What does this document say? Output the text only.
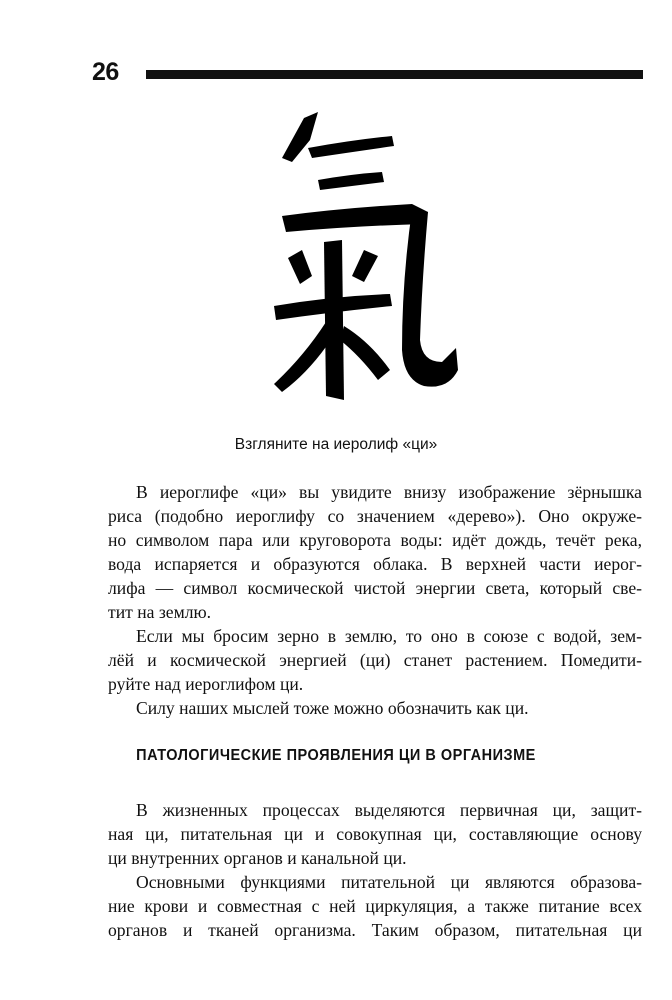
26
Взгляните на иеролиф «ци»
В иероглифе «ци» вы увидите внизу изображение зёрнышка
риса (подобно иероглифу со значением «дерево»). Оно окруже-
но символом пара или круговорота воды: идёт дождь, течёт река,
вода испаряется и образуются облака. В верхней части иерог-
лифа — символ космической чистой энергии света, который све-
тит на землю.
Если мы бросим зерно в землю, то оно в союзе с водой, зем-
лёй и космической энергией (ци) станет растением. Помедити-
руйте над иероглифом ци.
Силу наших мыслей тоже можно обозначить как ци.
ПАТОЛОГИЧЕСКИЕ ПРОЯВЛЕНИЯ ЦИ В ОРГАНИЗМЕ
В жизненных процессах выделяются первичная ци, защит-
ная ци, питательная ци и совокупная ци, составляющие основу
ци внутренних органов и канальной ци.
Основными функциями питательной ци являются образова-
ние крови и совместная с ней циркуляция, а также питание всех
органов и тканей организма. Таким образом, питательная ци
